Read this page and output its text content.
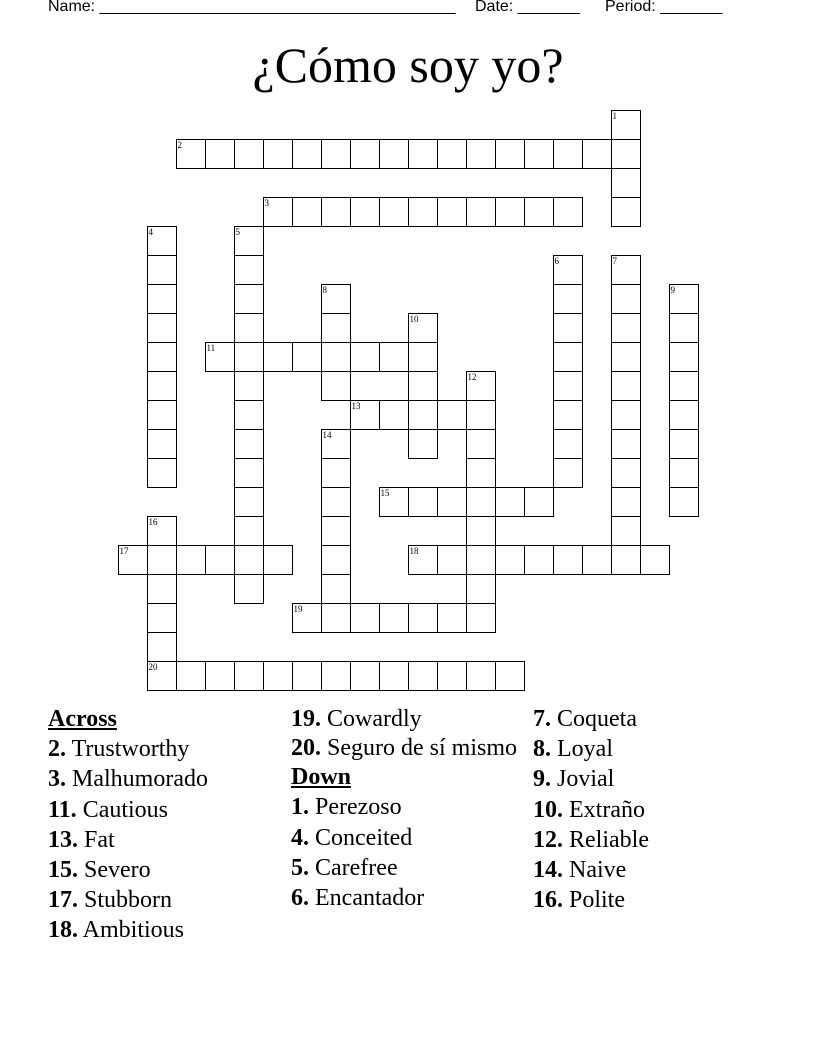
Name: ________________________________________ Date: _______ Period: _______
¿Cómo soy yo?
1
2
3
4	5
6	7
8	9
10
11
12
13
14
15
16
20
17	18
19
Across
2. Trustworthy
3. Malhumorado
11. Cautious
13. Fat
15. Severo
17. Stubborn
18. Ambitious
19. Cowardly
20. Seguro de sí mismo
Down
1. Perezoso
4. Conceited
5. Carefree
6. Encantador
7. Coqueta
8. Loyal
9. Jovial
10. Extraño
12. Reliable
14. Naive
16. Polite
